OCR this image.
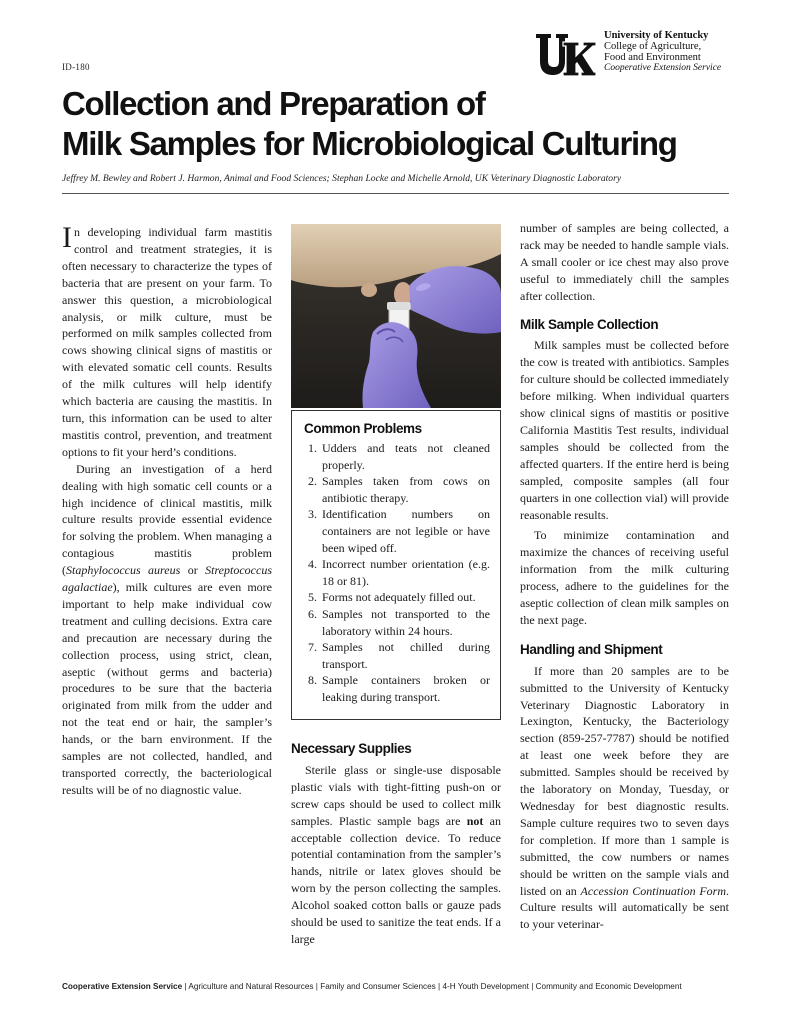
ID-180
University of Kentucky
College of Agriculture,
Food and Environment
Cooperative Extension Service
Collection and Preparation of
Milk Samples for Microbiological Culturing
Jeffrey M. Bewley and Robert J. Harmon, Animal and Food Sciences; Stephan Locke and Michelle Arnold, UK Veterinary Diagnostic Laboratory

In developing individual farm mastitis control and treatment strategies, it is often necessary to characterize the types of bacteria that are present on your farm. To answer this question, a microbiological analysis, or milk culture, must be performed on milk samples collected from cows showing clinical signs of mastitis or with elevated somatic cell counts. Results of the milk cultures will help identify which bacteria are causing the mastitis. In turn, this information can be used to alter mastitis control, prevention, and treatment options to fit your herd’s conditions.

During an investigation of a herd dealing with high somatic cell counts or a high incidence of clinical mastitis, milk culture results provide essential evidence for solving the problem. When managing a contagious mastitis problem (Staphylococcus aureus or Streptococcus agalactiae), milk cultures are even more important to help make individual cow treatment and culling decisions. Extra care and precaution are necessary during the collection process, using strict, clean, aseptic (without germs and bacteria) procedures to be sure that the bacteria originated from milk from the udder and not the teat end or hair, the sampler’s hands, or the barn environment. If the samples are not collected, handled, and transported correctly, the bacteriological results will be of no diagnostic value.

Common Problems
1. Udders and teats not cleaned properly.
2. Samples taken from cows on antibiotic therapy.
3. Identification numbers on containers are not legible or have been wiped off.
4. Incorrect number orientation (e.g. 18 or 81).
5. Forms not adequately filled out.
6. Samples not transported to the laboratory within 24 hours.
7. Samples not chilled during transport.
8. Sample containers broken or leaking during transport.
Necessary Supplies

Sterile glass or single-use disposable plastic vials with tight-fitting push-on or screw caps should be used to collect milk samples. Plastic sample bags are not an acceptable collection device. To reduce potential contamination from the sampler’s hands, nitrile or latex gloves should be worn by the person collecting the samples. Alcohol soaked cotton balls or gauze pads should be used to sanitize the teat ends. If a large

number of samples are being collected, a rack may be needed to handle sample vials. A small cooler or ice chest may also prove useful to immediately chill the samples after collection.

Milk Sample Collection

Milk samples must be collected before the cow is treated with antibiotics. Samples for culture should be collected immediately before milking. When individual quarters show clinical signs of mastitis or positive California Mastitis Test results, individual samples should be collected from the affected quarters. If the entire herd is being sampled, composite samples (all four quarters in one collection vial) will provide reasonable results.

To minimize contamination and maximize the chances of receiving useful information from the milk culturing process, adhere to the guidelines for the aseptic collection of clean milk samples on the next page.

Handling and Shipment

If more than 20 samples are to be submitted to the University of Kentucky Veterinary Diagnostic Laboratory in Lexington, Kentucky, the Bacteriology section (859-257-7787) should be notified at least one week before they are submitted. Samples should be received by the laboratory on Monday, Tuesday, or Wednesday for best diagnostic results. Sample culture requires two to seven days for completion. If more than 1 sample is submitted, the cow numbers or names should be written on the sample vials and listed on an Accession Continuation Form. Culture results will automatically be sent to your veterinar-

Cooperative Extension Service | Agriculture and Natural Resources | Family and Consumer Sciences | 4-H Youth Development | Community and Economic Development
